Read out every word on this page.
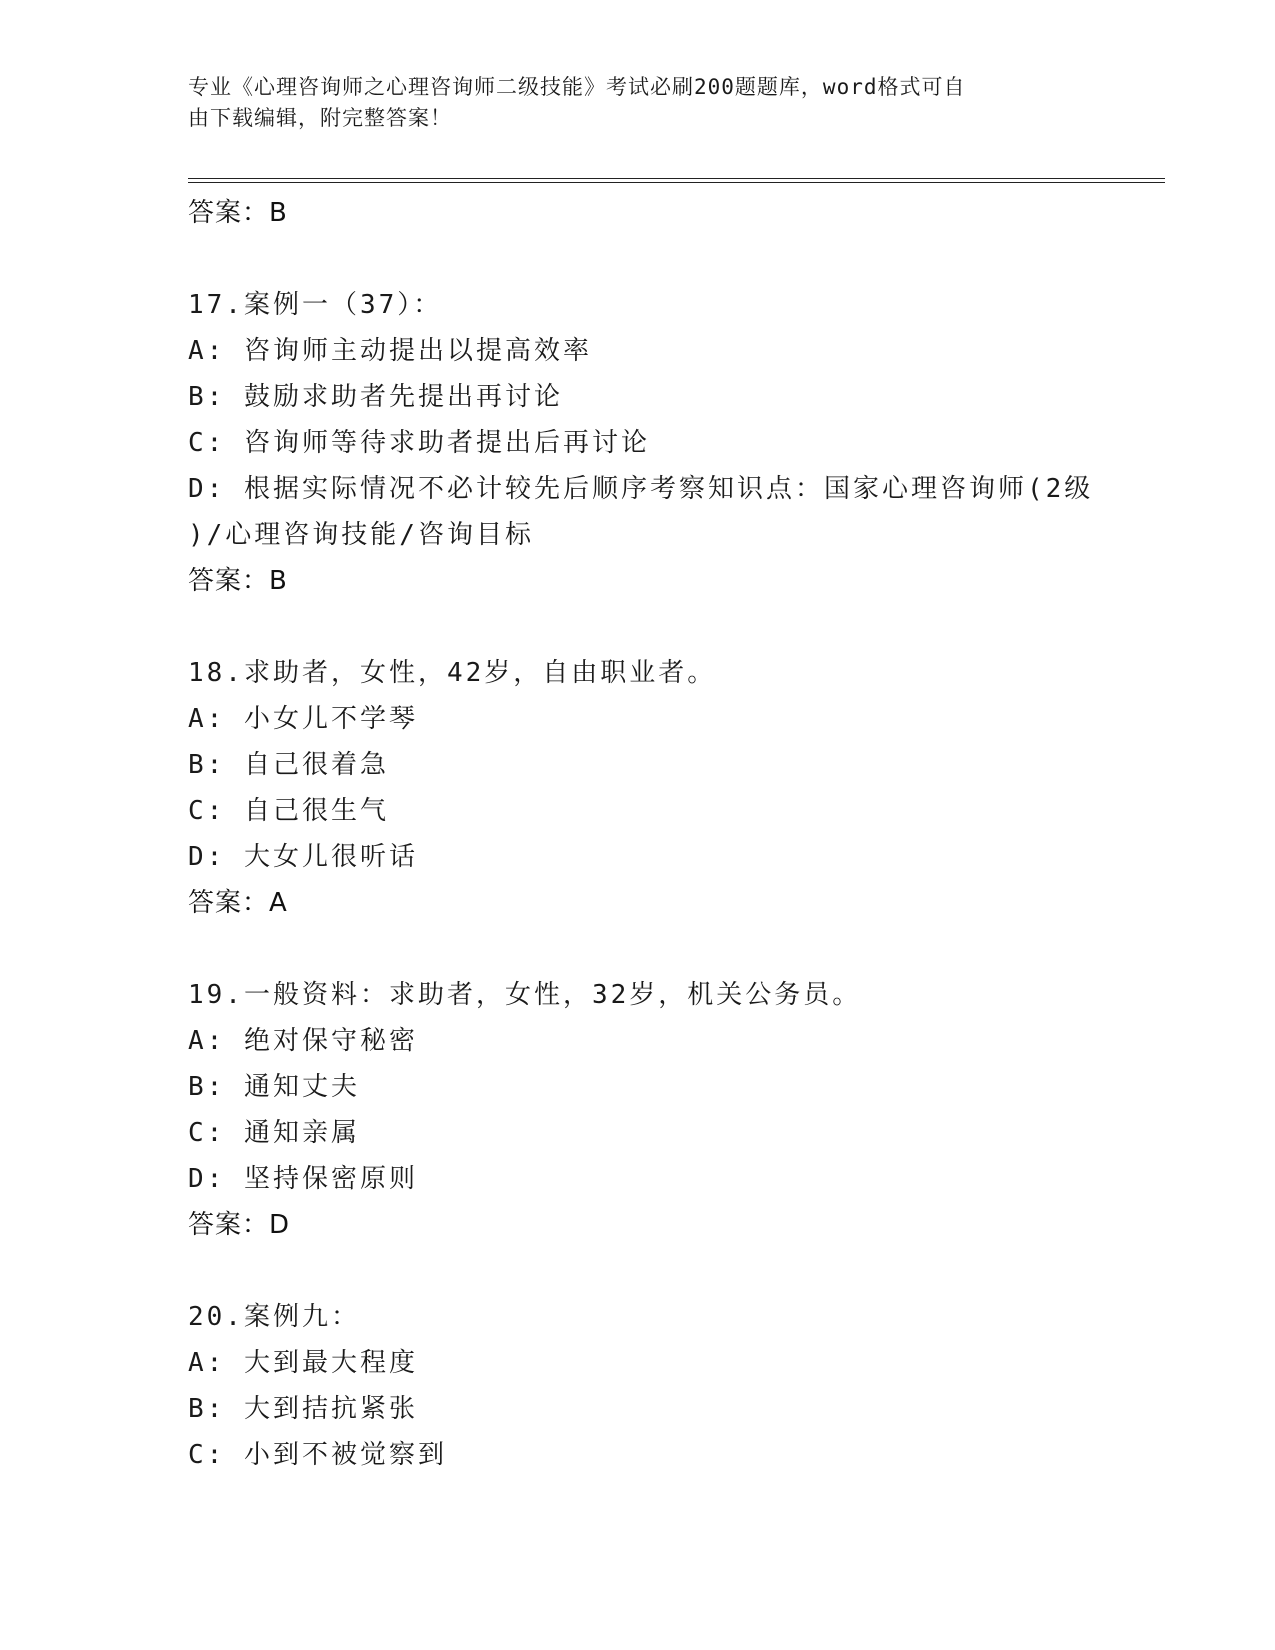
专业《心理咨询师之心理咨询师二级技能》考试必刷200题题库，word格式可自
由下载编辑，附完整答案！
答案：B
17.案例一（37）：
A: 咨询师主动提出以提高效率
B: 鼓励求助者先提出再讨论
C: 咨询师等待求助者提出后再讨论
D: 根据实际情况不必计较先后顺序考察知识点：国家心理咨询师(2级
)/心理咨询技能/咨询目标
答案：B
18.求助者，女性，42岁，自由职业者。
A: 小女儿不学琴
B: 自己很着急
C: 自己很生气
D: 大女儿很听话
答案：A
19.一般资料：求助者，女性，32岁，机关公务员。
A: 绝对保守秘密
B: 通知丈夫
C: 通知亲属
D: 坚持保密原则
答案：D
20.案例九：
A: 大到最大程度
B: 大到拮抗紧张
C: 小到不被觉察到
